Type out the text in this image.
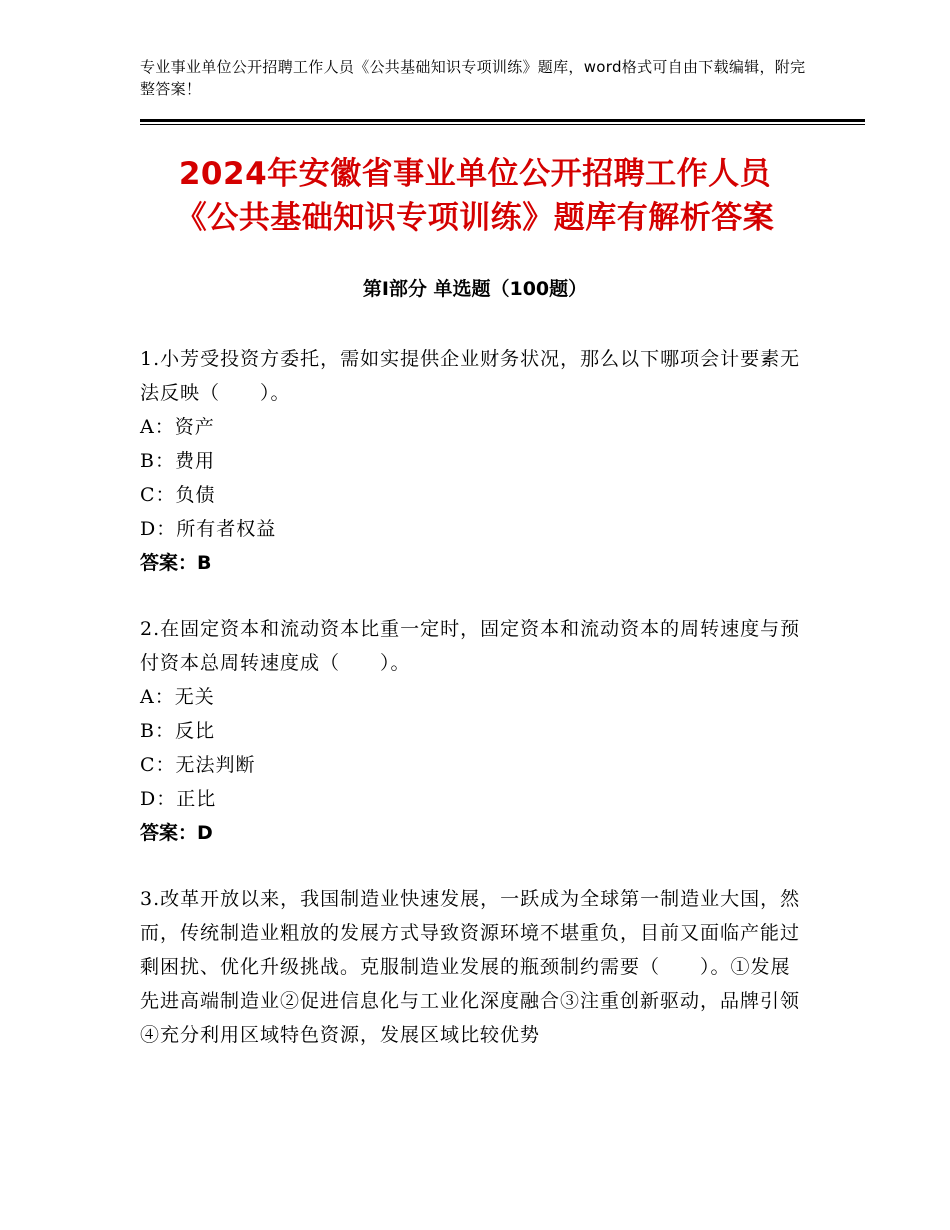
专业事业单位公开招聘工作人员《公共基础知识专项训练》题库，word格式可自由下载编辑，附完整答案！
2024年安徽省事业单位公开招聘工作人员
《公共基础知识专项训练》题库有解析答案
第Ⅰ部分 单选题（100题）
1.小芳受投资方委托，需如实提供企业财务状况，那么以下哪项会计要素无法反映（　　）。
A：资产
B：费用
C：负债
D：所有者权益
答案：B
2.在固定资本和流动资本比重一定时，固定资本和流动资本的周转速度与预付资本总周转速度成（　　）。
A：无关
B：反比
C：无法判断
D：正比
答案：D
3.改革开放以来，我国制造业快速发展，一跃成为全球第一制造业大国，然而，传统制造业粗放的发展方式导致资源环境不堪重负，目前又面临产能过剩困扰、优化升级挑战。克服制造业发展的瓶颈制约需要（　　）。①发展先进高端制造业②促进信息化与工业化深度融合③注重创新驱动，品牌引领④充分利用区域特色资源，发展区域比较优势
